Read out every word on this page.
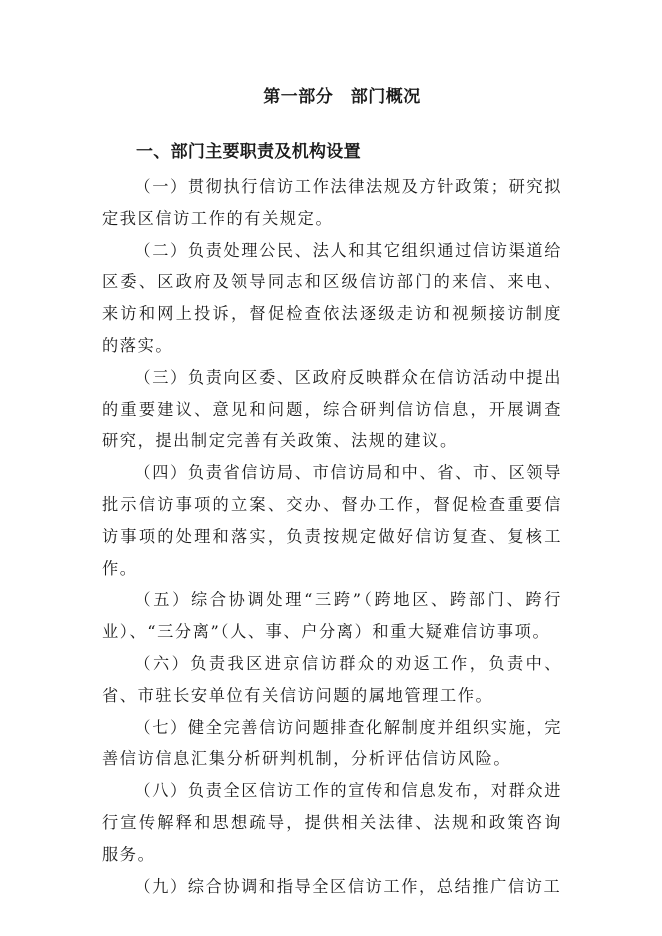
第一部分　部门概况
一、部门主要职责及机构设置

（一）贯彻执行信访工作法律法规及方针政策；研究拟定我区信访工作的有关规定。

（二）负责处理公民、法人和其它组织通过信访渠道给区委、区政府及领导同志和区级信访部门的来信、来电、来访和网上投诉，督促检查依法逐级走访和视频接访制度的落实。

（三）负责向区委、区政府反映群众在信访活动中提出的重要建议、意见和问题，综合研判信访信息，开展调查研究，提出制定完善有关政策、法规的建议。

（四）负责省信访局、市信访局和中、省、市、区领导批示信访事项的立案、交办、督办工作，督促检查重要信访事项的处理和落实，负责按规定做好信访复查、复核工作。

（五）综合协调处理“三跨”（跨地区、跨部门、跨行业）、“三分离”（人、事、户分离）和重大疑难信访事项。

（六）负责我区进京信访群众的劝返工作，负责中、省、市驻长安单位有关信访问题的属地管理工作。

（七）健全完善信访问题排查化解制度并组织实施，完善信访信息汇集分析研判机制，分析评估信访风险。

（八）负责全区信访工作的宣传和信息发布，对群众进行宣传解释和思想疏导，提供相关法律、法规和政策咨询服务。

（九）综合协调和指导全区信访工作，总结推广信访工
